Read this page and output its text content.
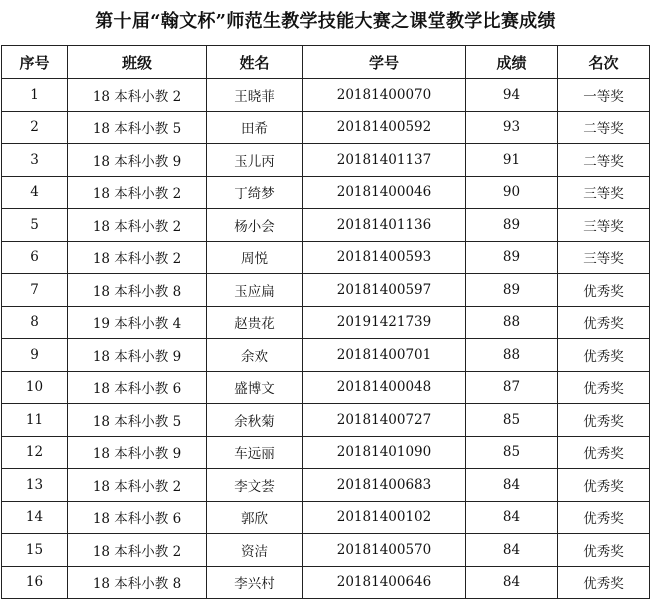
第十届“翰文杯”师范生教学技能大赛之课堂教学比赛成绩
序号	班级	姓名	学号	成绩	名次
1	18 本科小教 2	王晓菲	20181400070	94	一等奖
2	18 本科小教 5	田希	20181400592	93	二等奖
3	18 本科小教 9	玉儿丙	20181401137	91	二等奖
4	18 本科小教 2	丁绮梦	20181400046	90	三等奖
5	18 本科小教 2	杨小会	20181401136	89	三等奖
6	18 本科小教 2	周悦	20181400593	89	三等奖
7	18 本科小教 8	玉应扁	20181400597	89	优秀奖
8	19 本科小教 4	赵贵花	20191421739	88	优秀奖
9	18 本科小教 9	余欢	20181400701	88	优秀奖
10	18 本科小教 6	盛博文	20181400048	87	优秀奖
11	18 本科小教 5	余秋菊	20181400727	85	优秀奖
12	18 本科小教 9	车远丽	20181401090	85	优秀奖
13	18 本科小教 2	李文荟	20181400683	84	优秀奖
14	18 本科小教 6	郭欣	20181400102	84	优秀奖
15	18 本科小教 2	资洁	20181400570	84	优秀奖
16	18 本科小教 8	李兴村	20181400646	84	优秀奖
